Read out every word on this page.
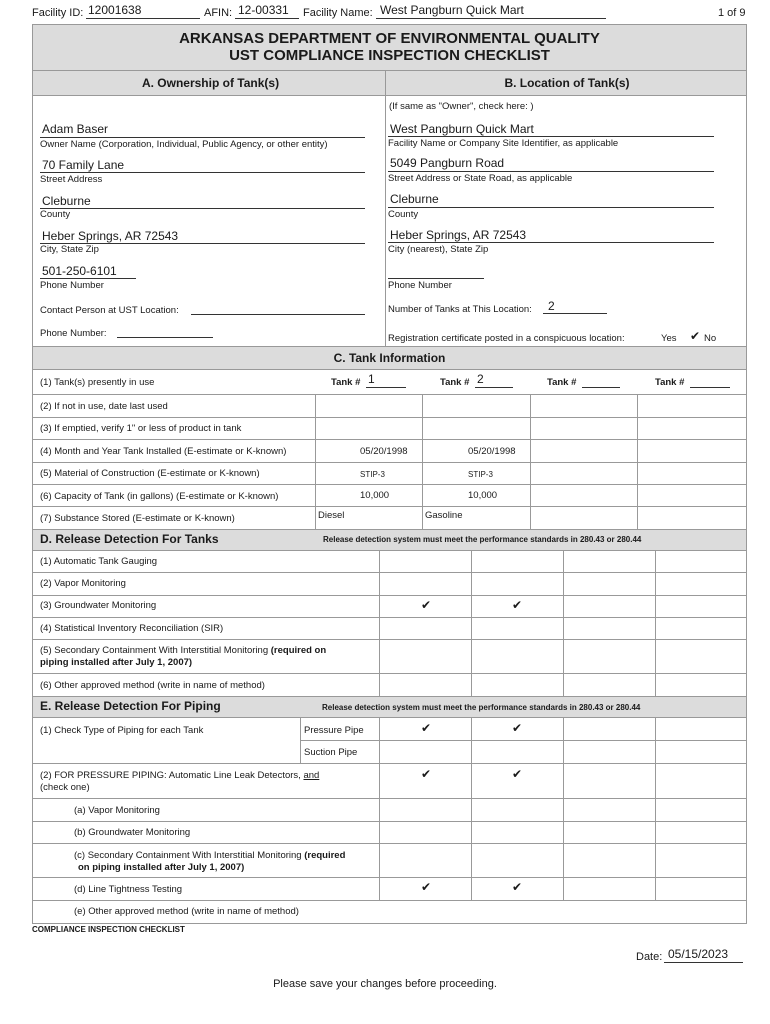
Facility ID: 12001638	AFIN: 12-00331 Facility Name: West Pangburn Quick Mart	1 of 9
ARKANSAS DEPARTMENT OF ENVIRONMENTAL QUALITY
UST COMPLIANCE INSPECTION CHECKLIST
A. Ownership of Tank(s)	B. Location of Tank(s)
Adam Baser
Owner Name (Corporation, Individual, Public Agency, or other entity)
70 Family Lane
Street Address
Cleburne
County
Heber Springs, AR 72543
City, State Zip
501-250-6101
Phone Number
Contact Person at UST Location:
Phone Number:
(If same as "Owner", check here: )
West Pangburn Quick Mart
Facility Name or Company Site Identifier, as applicable
5049 Pangburn Road
Street Address or State Road, as applicable
Cleburne
County
Heber Springs, AR 72543
City (nearest), State Zip
Phone Number
Number of Tanks at This Location: 2
Registration certificate posted in a conspicuous location:	Yes ✔ No
C. Tank Information
(1) Tank(s) presently in use	Tank # 1	Tank # 2	Tank #	Tank #
(2) If not in use, date last used
(3) If emptied, verify 1" or less of product in tank
(4) Month and Year Tank Installed (E-estimate or K-known)	05/20/1998	05/20/1998
(5) Material of Construction (E-estimate or K-known)	STIP-3	STIP-3
(6) Capacity of Tank (in gallons) (E-estimate or K-known)	10,000	10,000
(7) Substance Stored (E-estimate or K-known)	Diesel	Gasoline
D. Release Detection For Tanks	Release detection system must meet the performance standards in 280.43 or 280.44
(1) Automatic Tank Gauging
(2) Vapor Monitoring
(3) Groundwater Monitoring	✔	✔
(4) Statistical Inventory Reconciliation (SIR)
(5) Secondary Containment With Interstitial Monitoring (required on
piping installed after July 1, 2007)
(6) Other approved method (write in name of method)
E. Release Detection For Piping	Release detection system must meet the performance standards in 280.43 or 280.44
(1) Check Type of Piping for each Tank	Pressure Pipe	✔	✔
Suction Pipe
(2) FOR PRESSURE PIPING: Automatic Line Leak Detectors, and
(check one)
✔	✔
(a) Vapor Monitoring
(b) Groundwater Monitoring
(c) Secondary Containment With Interstitial Monitoring (required
on piping installed after July 1, 2007)
(d) Line Tightness Testing	✔	✔
(e) Other approved method (write in name of method)
COMPLIANCE INSPECTION CHECKLIST
Date: 05/15/2023
Please save your changes before proceeding.
